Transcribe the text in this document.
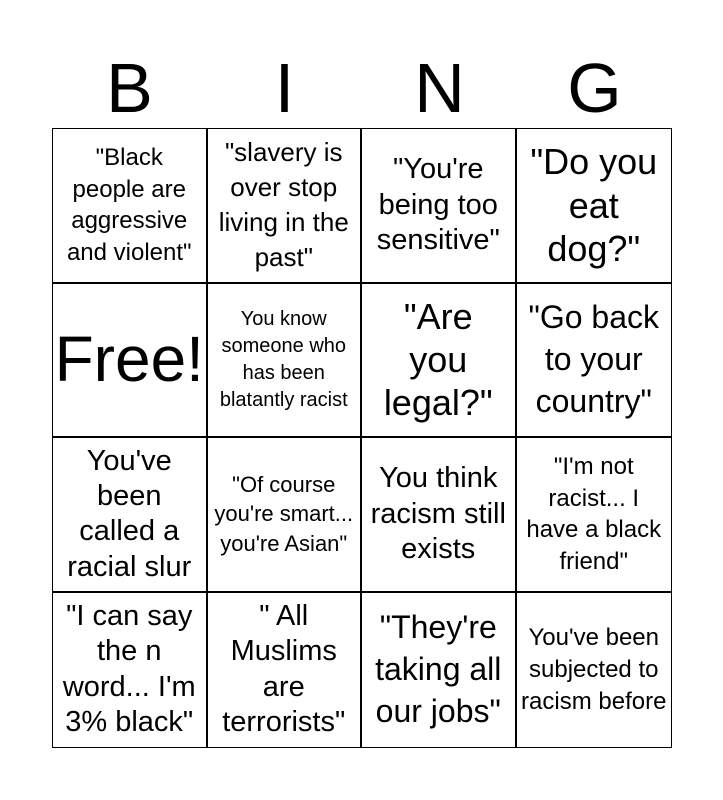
B	I	N	G
"Black people are aggressive and violent"
"slavery is over stop living in the past"
"You're being too sensitive"
"Do you eat dog?"
Free!
You know someone who has been blatantly racist
"Are you legal?"
"Go back to your country"
You've been called a racial slur
"Of course you're smart... you're Asian"
You think racism still exists
"I'm not racist... I have a black friend"
"I can say the n word... I'm 3% black"
" All Muslims are terrorists"
"They're taking all our jobs"
You've been subjected to racism before
